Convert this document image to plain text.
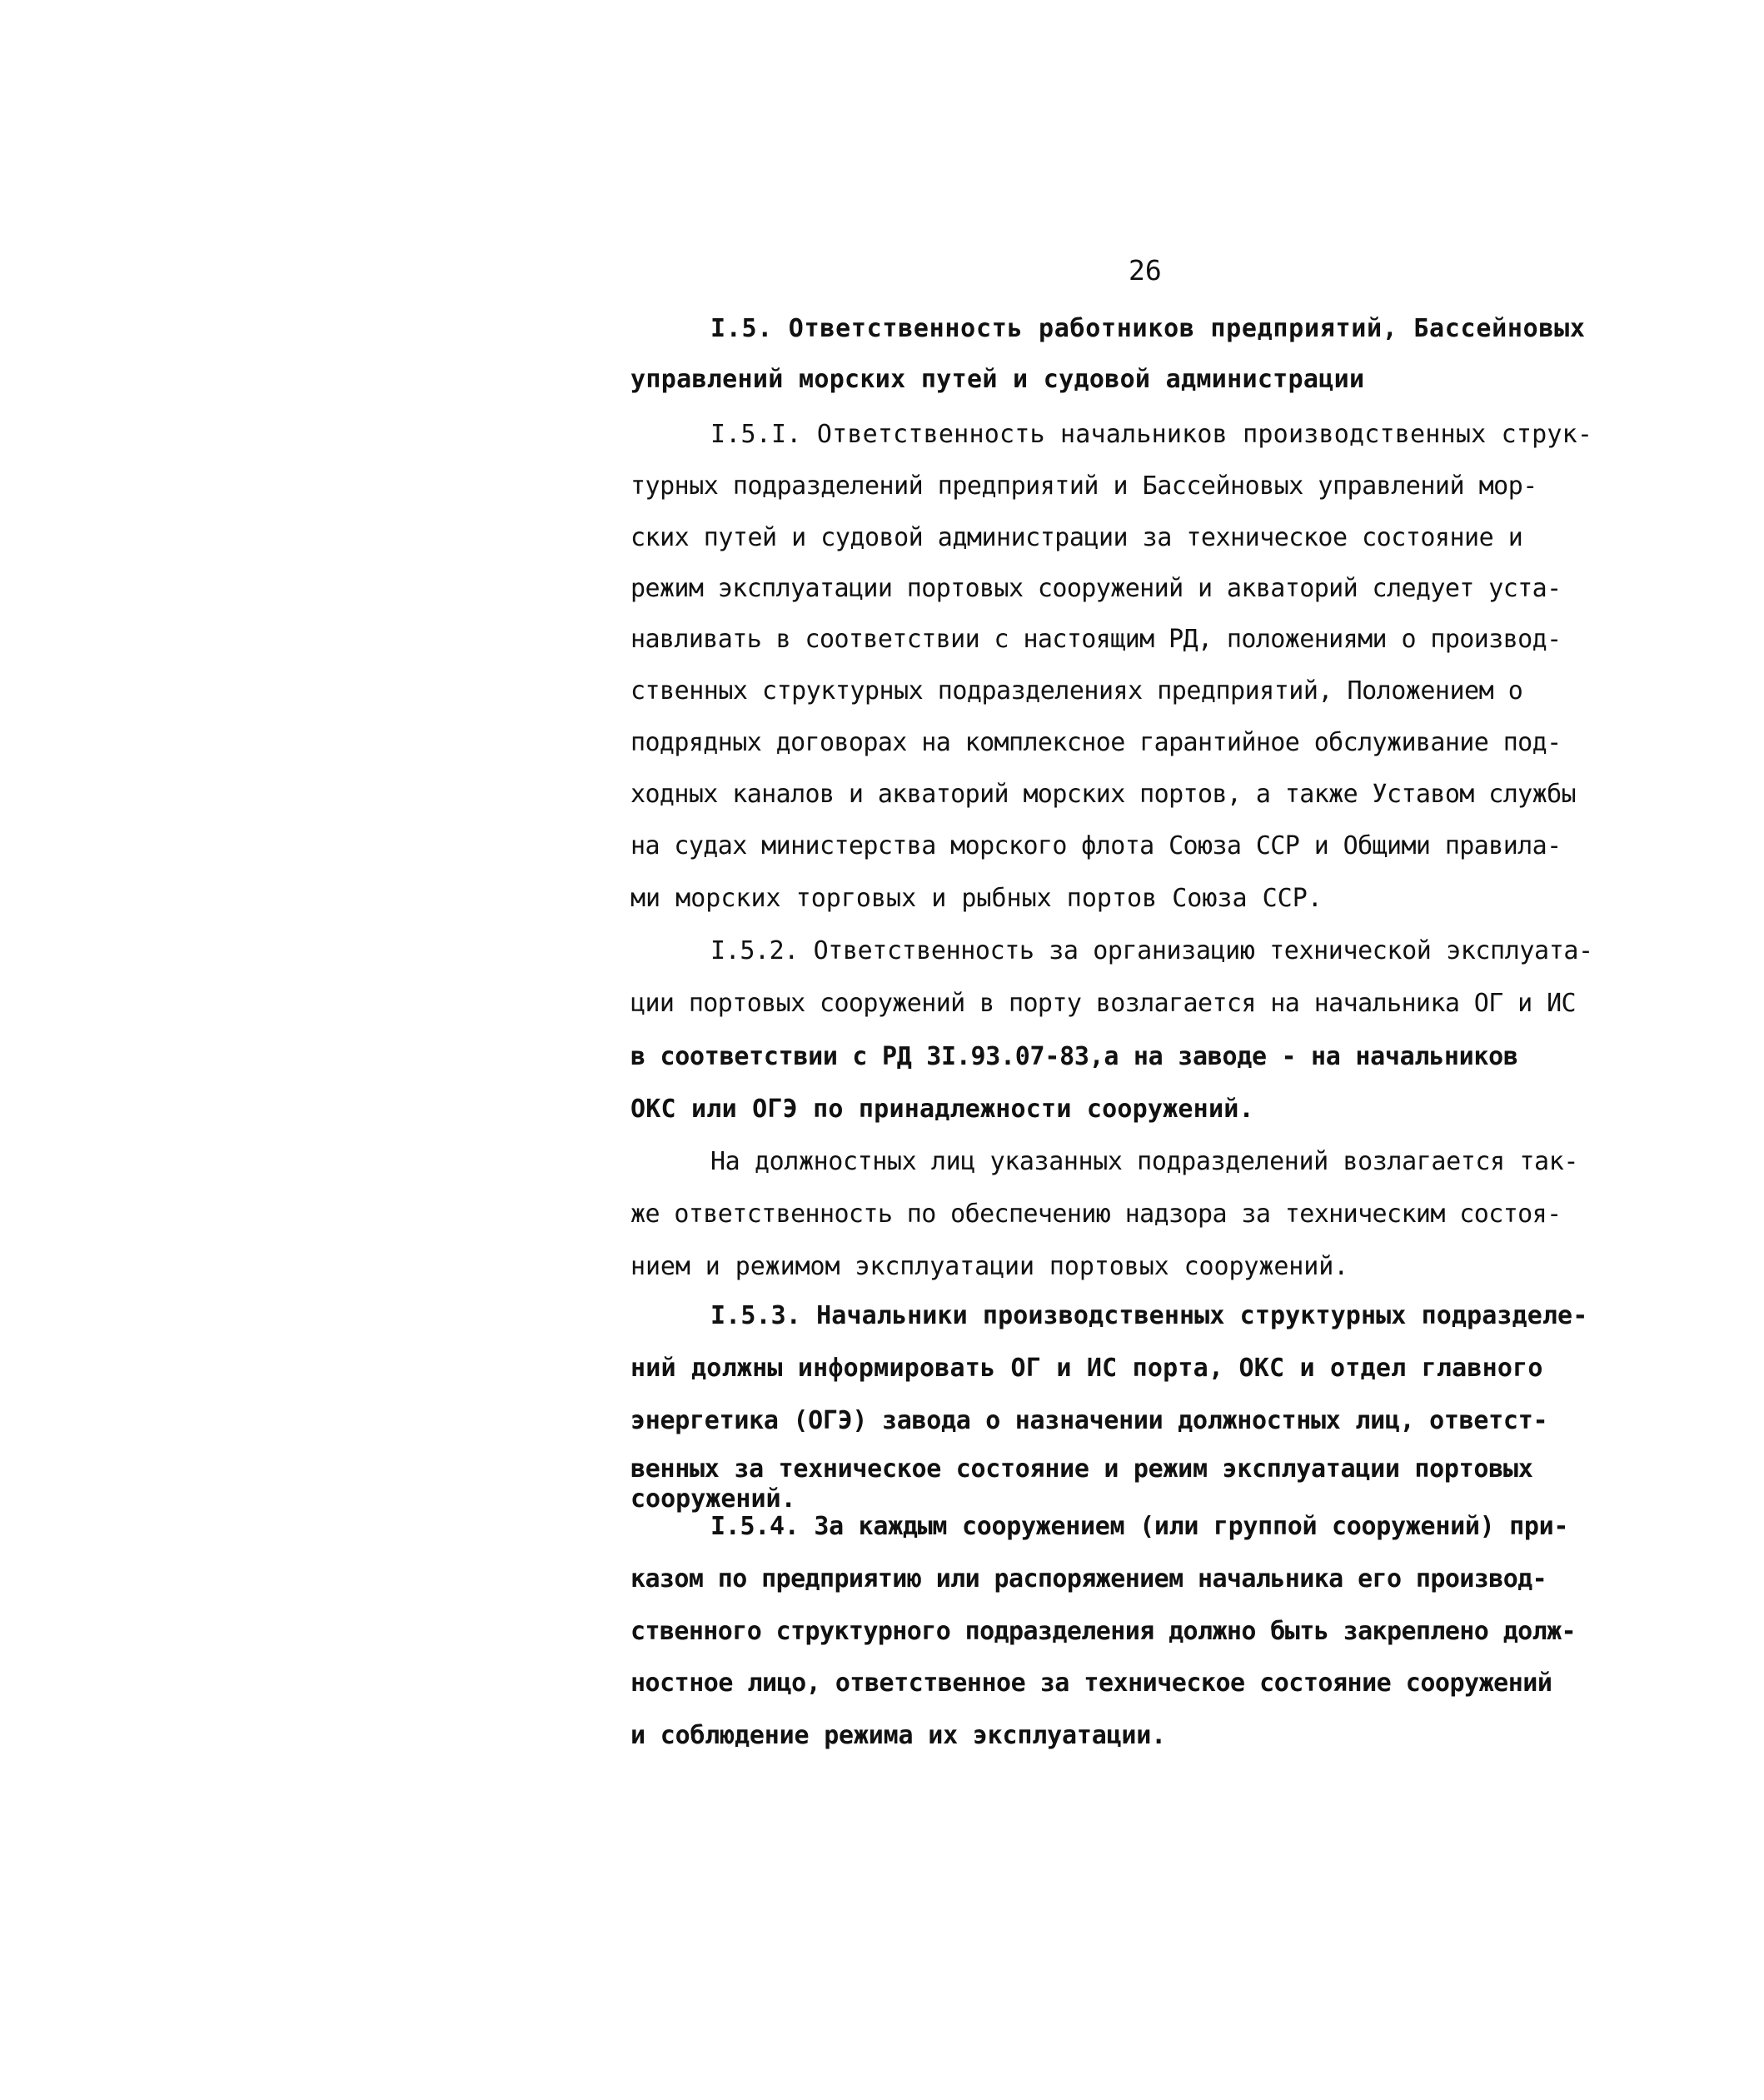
26
I.5. Ответственность работников предприятий, Бассейновых
управлений морских путей и судовой администрации
I.5.I. Ответственность начальников производственных струк-
турных подразделений предприятий и Бассейновых управлений мор-
ских путей и судовой администрации за техническое состояние и
режим эксплуатации портовых сооружений и акваторий следует уста-
навливать в соответствии с настоящим РД, положениями о производ-
ственных структурных подразделениях предприятий, Положением о
подрядных договорах на комплексное гарантийное обслуживание под-
ходных каналов и акваторий морских портов, а также Уставом службы
на судах министерства морского флота Союза ССР и Общими правила-
ми морских торговых и рыбных портов Союза ССР.
I.5.2. Ответственность за организацию технической эксплуата-
ции портовых сооружений в порту возлагается на начальника ОГ и ИС
в соответствии с РД 3I.93.07-83,а на заводе - на начальников
ОКС или ОГЭ по принадлежности сооружений.
На должностных лиц указанных подразделений возлагается так-
же ответственность по обеспечению надзора за техническим состоя-
нием и режимом эксплуатации портовых сооружений.
I.5.3. Начальники производственных структурных подразделе-
ний должны информировать ОГ и ИС порта, ОКС и отдел главного
энергетика (ОГЭ) завода о назначении должностных лиц, ответст-
венных за техническое состояние и режим эксплуатации портовых
сооружений.
I.5.4. За каждым сооружением (или группой сооружений) при-
казом по предприятию или распоряжением начальника его производ-
ственного структурного подразделения должно быть закреплено долж-
ностное лицо, ответственное за техническое состояние сооружений
и соблюдение режима их эксплуатации.
